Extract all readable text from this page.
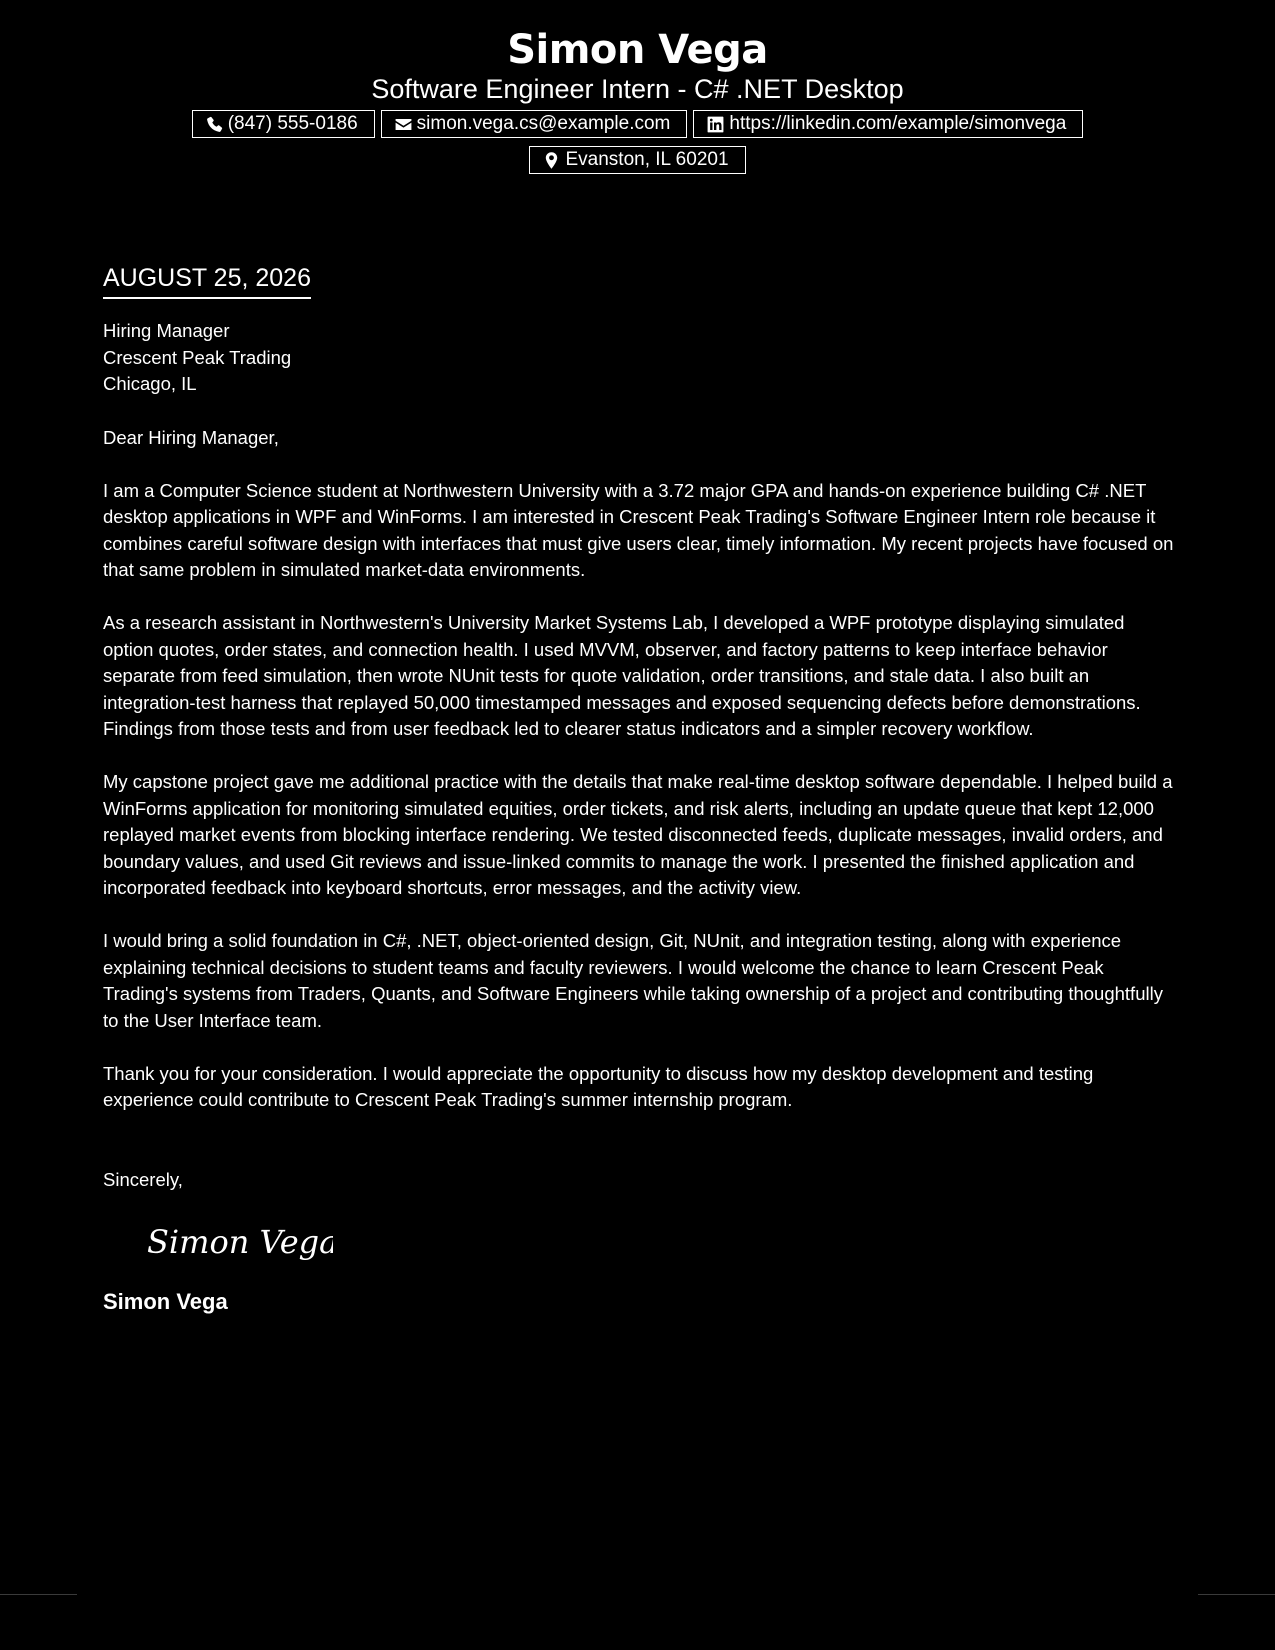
Simon Vega
Software Engineer Intern - C# .NET Desktop
(847) 555-0186	simon.vega.cs@example.com	https://linkedin.com/example/simonvega
Evanston, IL 60201
AUGUST 25, 2026
Hiring Manager
Crescent Peak Trading
Chicago, IL
Dear Hiring Manager,

I am a Computer Science student at Northwestern University with a 3.72 major GPA and hands-on experience building C# .NET desktop applications in WPF and WinForms. I am interested in Crescent Peak Trading's Software Engineer Intern role because it combines careful software design with interfaces that must give users clear, timely information. My recent projects have focused on that same problem in simulated market-data environments.

As a research assistant in Northwestern's University Market Systems Lab, I developed a WPF prototype displaying simulated option quotes, order states, and connection health. I used MVVM, observer, and factory patterns to keep interface behavior separate from feed simulation, then wrote NUnit tests for quote validation, order transitions, and stale data. I also built an integration-test harness that replayed 50,000 timestamped messages and exposed sequencing defects before demonstrations. Findings from those tests and from user feedback led to clearer status indicators and a simpler recovery workflow.

My capstone project gave me additional practice with the details that make real-time desktop software dependable. I helped build a WinForms application for monitoring simulated equities, order tickets, and risk alerts, including an update queue that kept 12,000 replayed market events from blocking interface rendering. We tested disconnected feeds, duplicate messages, invalid orders, and boundary values, and used Git reviews and issue-linked commits to manage the work. I presented the finished application and incorporated feedback into keyboard shortcuts, error messages, and the activity view.

I would bring a solid foundation in C#, .NET, object-oriented design, Git, NUnit, and integration testing, along with experience explaining technical decisions to student teams and faculty reviewers. I would welcome the chance to learn Crescent Peak Trading's systems from Traders, Quants, and Software Engineers while taking ownership of a project and contributing thoughtfully to the User Interface team.

Thank you for your consideration. I would appreciate the opportunity to discuss how my desktop development and testing experience could contribute to Crescent Peak Trading's summer internship program.

Sincerely,
Simon Vega
Simon Vega
